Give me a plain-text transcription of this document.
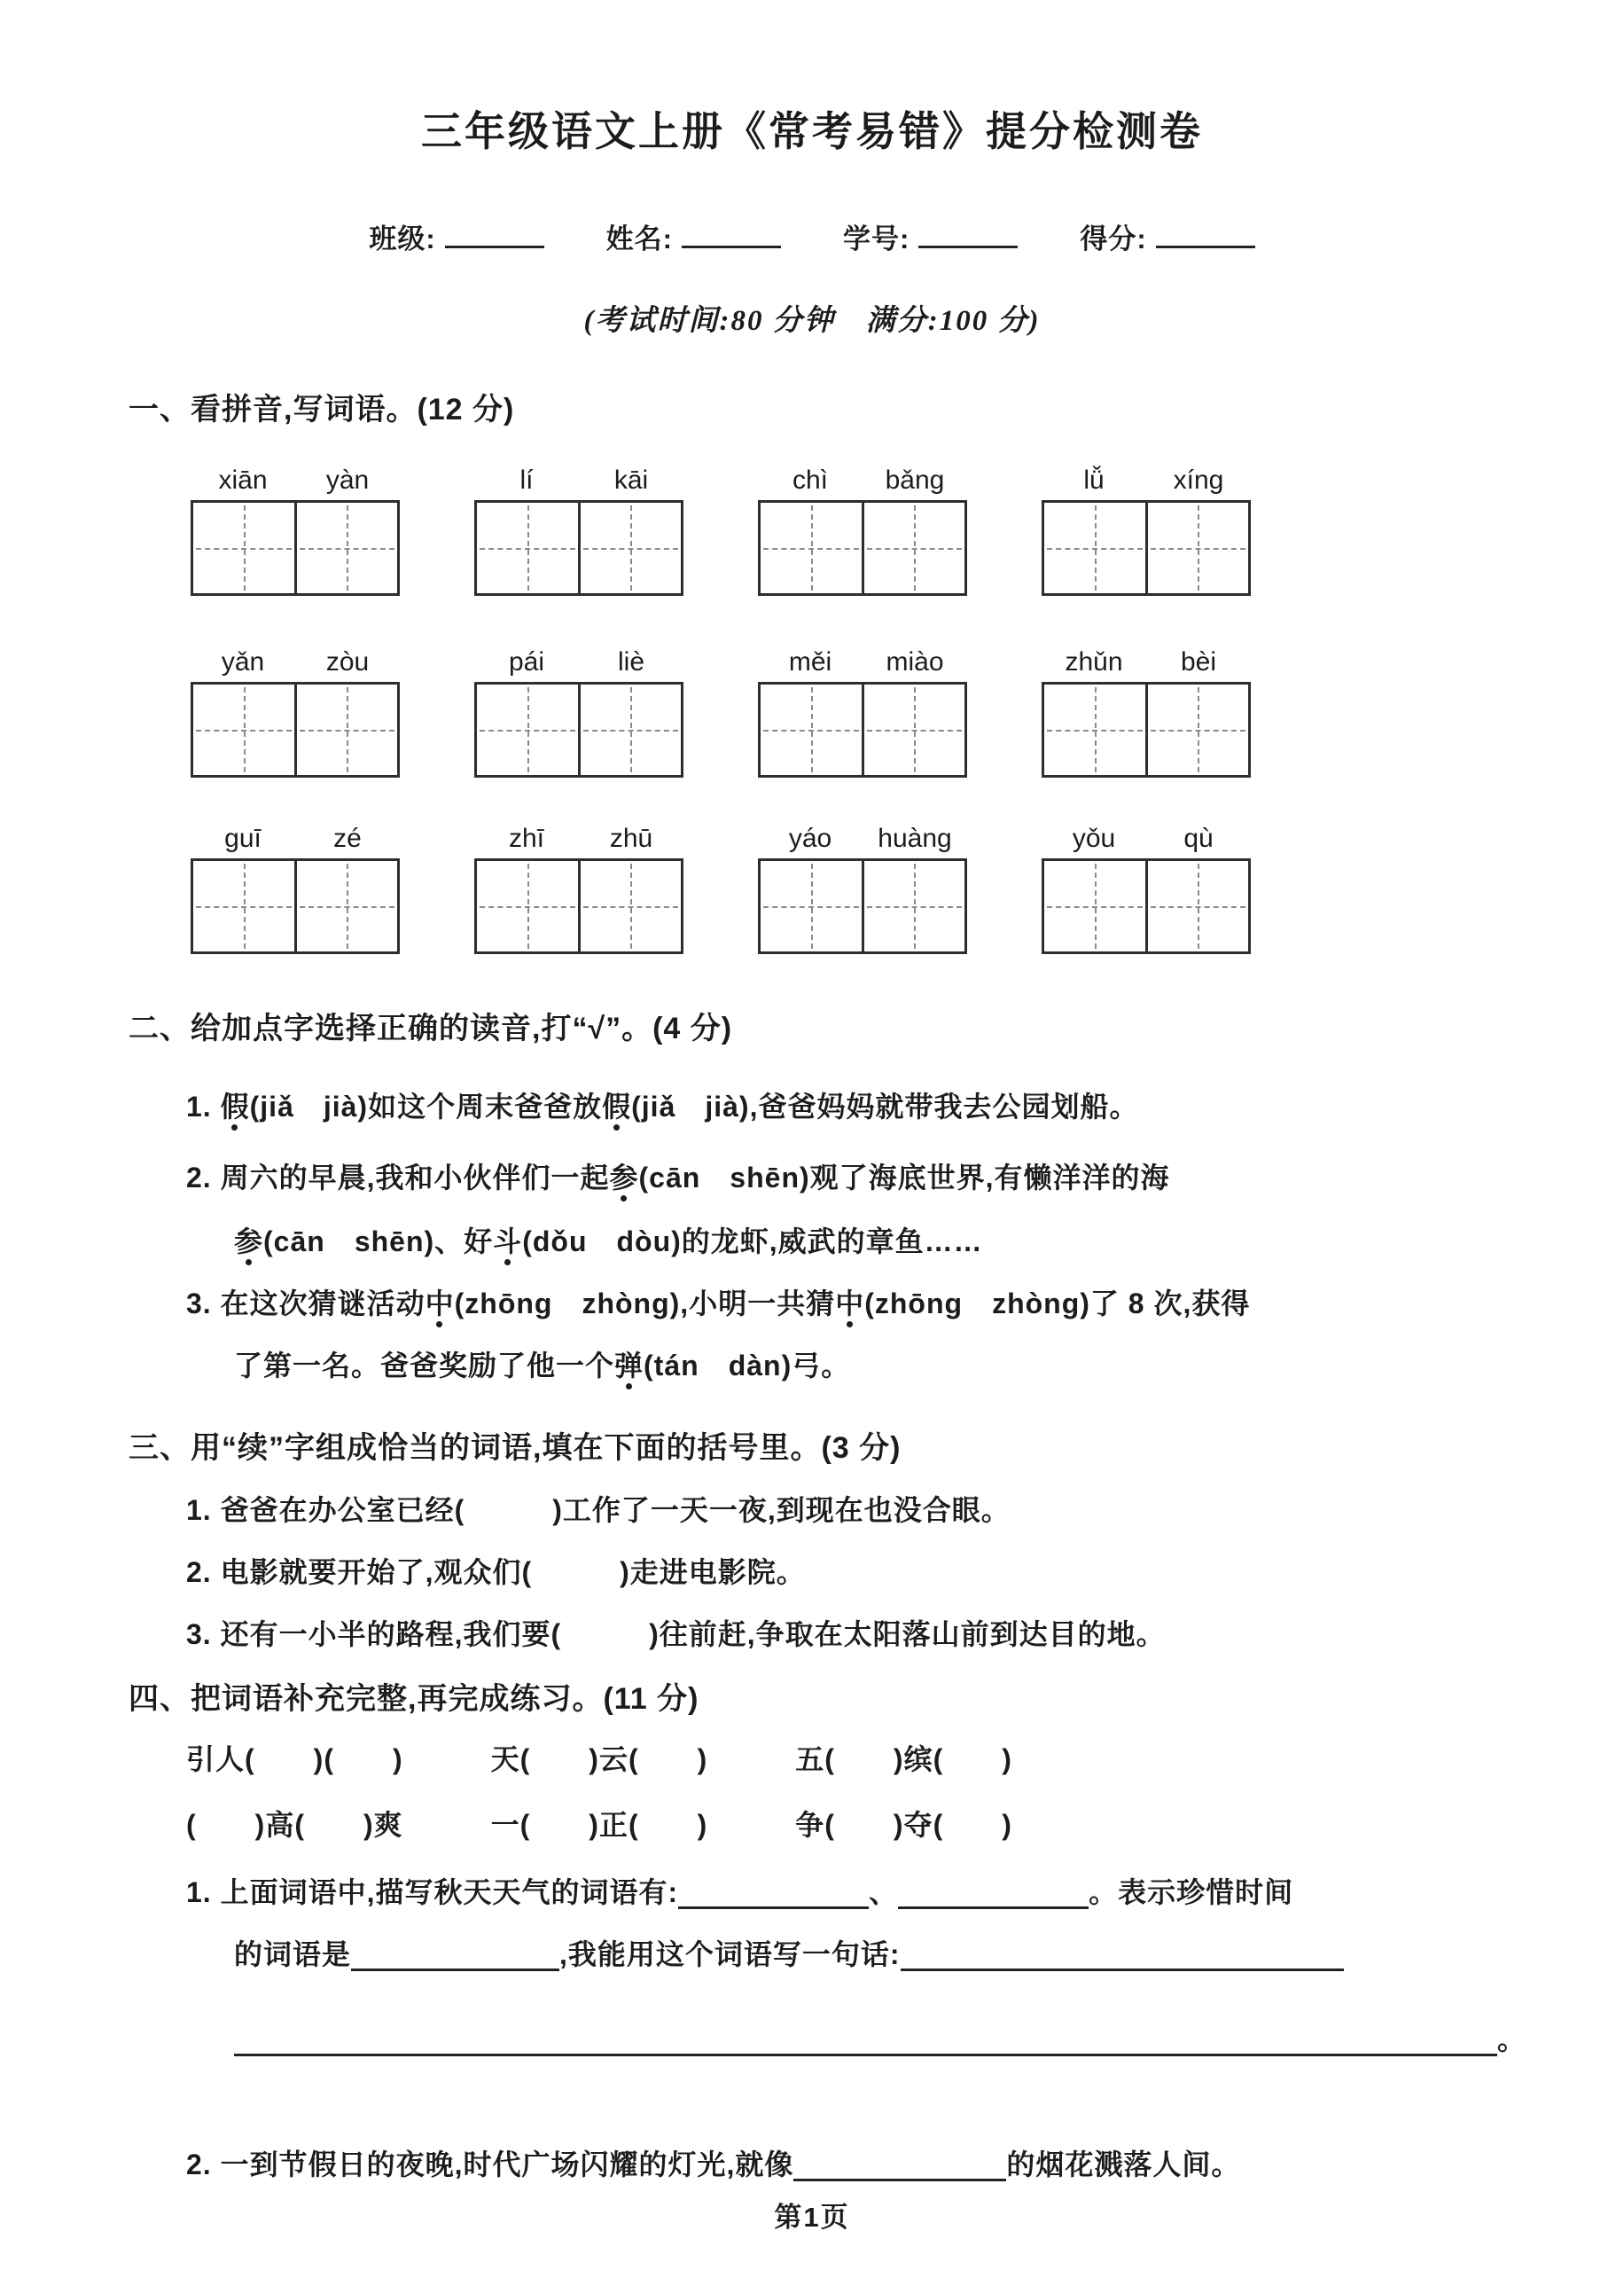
三年级语文上册《常考易错》提分检测卷
班级:	姓名:	学号:	得分:
(考试时间:80 分钟　满分:100 分)
一、看拼音,写词语。(12 分)
xiān	yàn	lí	kāi	chì	bǎng	lǚ	xíng
yǎn	zòu	pái	liè	měi	miào	zhǔn	bèi
guī	zé	zhī	zhū	yáo	huàng	yǒu	qù
二、给加点字选择正确的读音,打“√”。(4 分)
1. 假(jiǎ　jià)如这个周末爸爸放假(jiǎ　jià),爸爸妈妈就带我去公园划船。
2. 周六的早晨,我和小伙伴们一起参(cān　shēn)观了海底世界,有懒洋洋的海
参(cān　shēn)、好斗(dǒu　dòu)的龙虾,威武的章鱼……
3. 在这次猜谜活动中(zhōng　zhòng),小明一共猜中(zhōng　zhòng)了 8 次,获得
了第一名。爸爸奖励了他一个弹(tán　dàn)弓。
三、用“续”字组成恰当的词语,填在下面的括号里。(3 分)
1. 爸爸在办公室已经(　　　)工作了一天一夜,到现在也没合眼。
2. 电影就要开始了,观众们(　　　)走进电影院。
3. 还有一小半的路程,我们要(　　　)往前赶,争取在太阳落山前到达目的地。
四、把词语补充完整,再完成练习。(11 分)
引人(　　)(　　)　　　天(　　)云(　　)　　　五(　　)缤(　　)
(　　)高(　　)爽　　　一(　　)正(　　)　　　争(　　)夺(　　)
1. 上面词语中,描写秋天天气的词语有:	、	。表示珍惜时间
的词语是	,我能用这个词语写一句话:
。
2. 一到节假日的夜晚,时代广场闪耀的灯光,就像	的烟花溅落人间。
第1页
